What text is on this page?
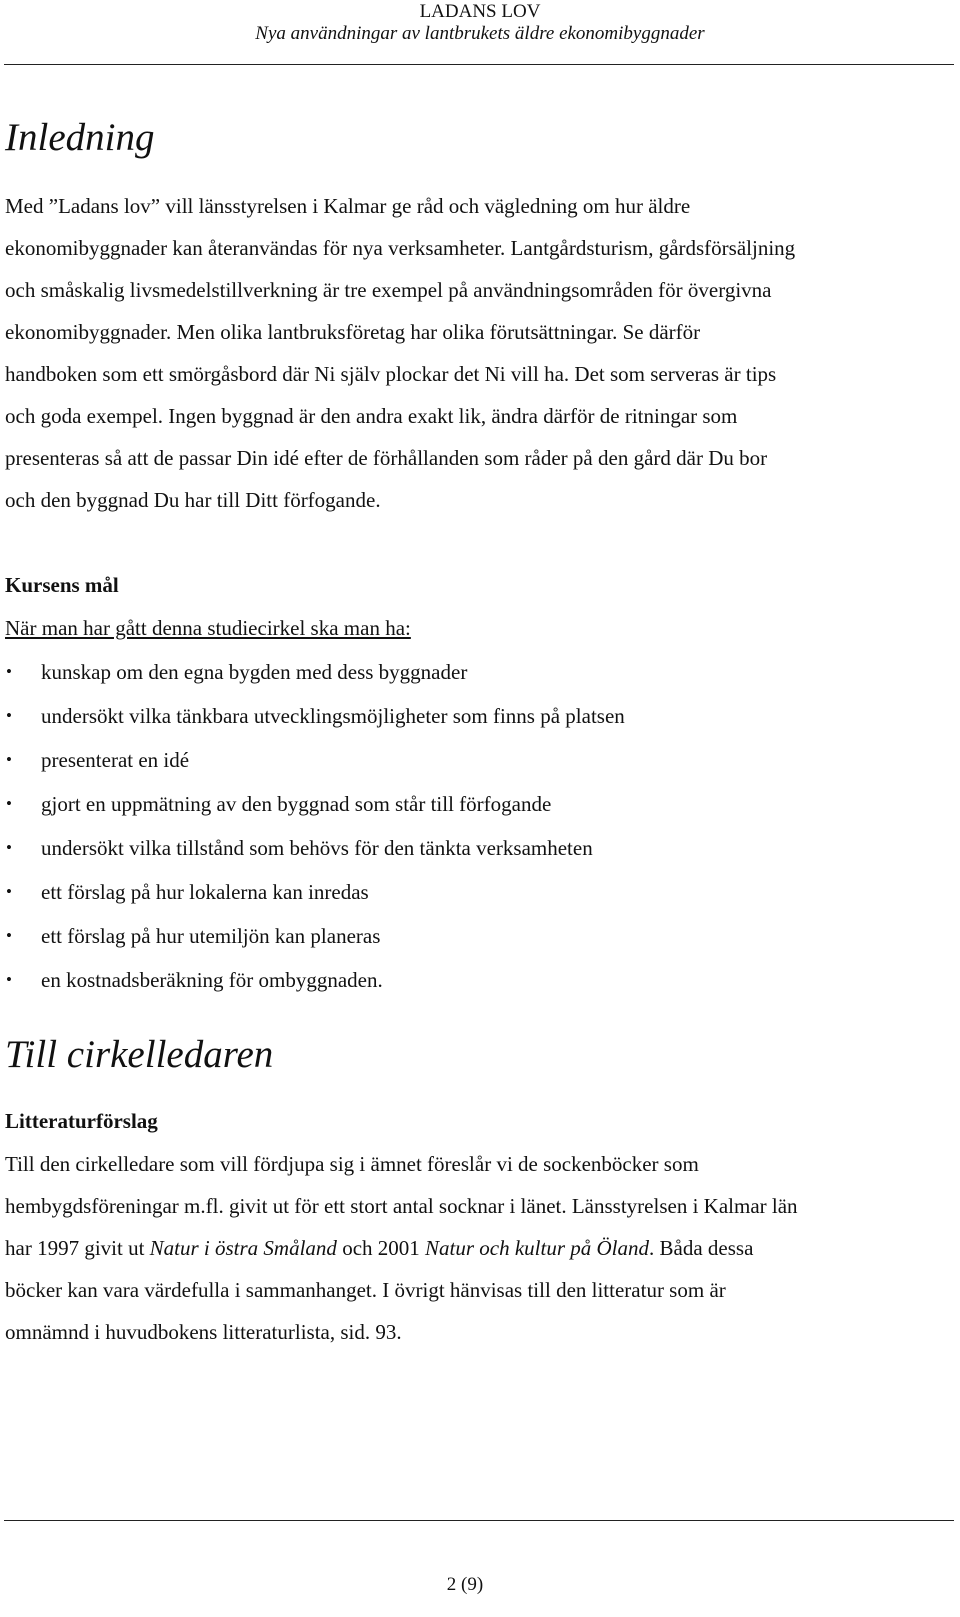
LADANS LOV
Nya användningar av lantbrukets äldre ekonomibyggnader
Inledning
Med ”Ladans lov” vill länsstyrelsen i Kalmar ge råd och vägledning om hur äldre
ekonomibyggnader kan återanvändas för nya verksamheter. Lantgårdsturism, gårdsförsäljning
och småskalig livsmedelstillverkning är tre exempel på användningsområden för övergivna
ekonomibyggnader. Men olika lantbruksföretag har olika förutsättningar. Se därför
handboken som ett smörgåsbord där Ni själv plockar det Ni vill ha. Det som serveras är tips
och goda exempel. Ingen byggnad är den andra exakt lik, ändra därför de ritningar som
presenteras så att de passar Din idé efter de förhållanden som råder på den gård där Du bor
och den byggnad Du har till Ditt förfogande.
Kursens mål
När man har gått denna studiecirkel ska man ha:
• kunskap om den egna bygden med dess byggnader
• undersökt vilka tänkbara utvecklingsmöjligheter som finns på platsen
• presenterat en idé
• gjort en uppmätning av den byggnad som står till förfogande
• undersökt vilka tillstånd som behövs för den tänkta verksamheten
• ett förslag på hur lokalerna kan inredas
• ett förslag på hur utemiljön kan planeras
• en kostnadsberäkning för ombyggnaden.
Till cirkelledaren
Litteraturförslag
Till den cirkelledare som vill fördjupa sig i ämnet föreslår vi de sockenböcker som
hembygdsföreningar m.fl. givit ut för ett stort antal socknar i länet. Länsstyrelsen i Kalmar län
har 1997 givit ut Natur i östra Småland och 2001 Natur och kultur på Öland. Båda dessa
böcker kan vara värdefulla i sammanhanget. I övrigt hänvisas till den litteratur som är
omnämnd i huvudbokens litteraturlista, sid. 93.
2 (9)
